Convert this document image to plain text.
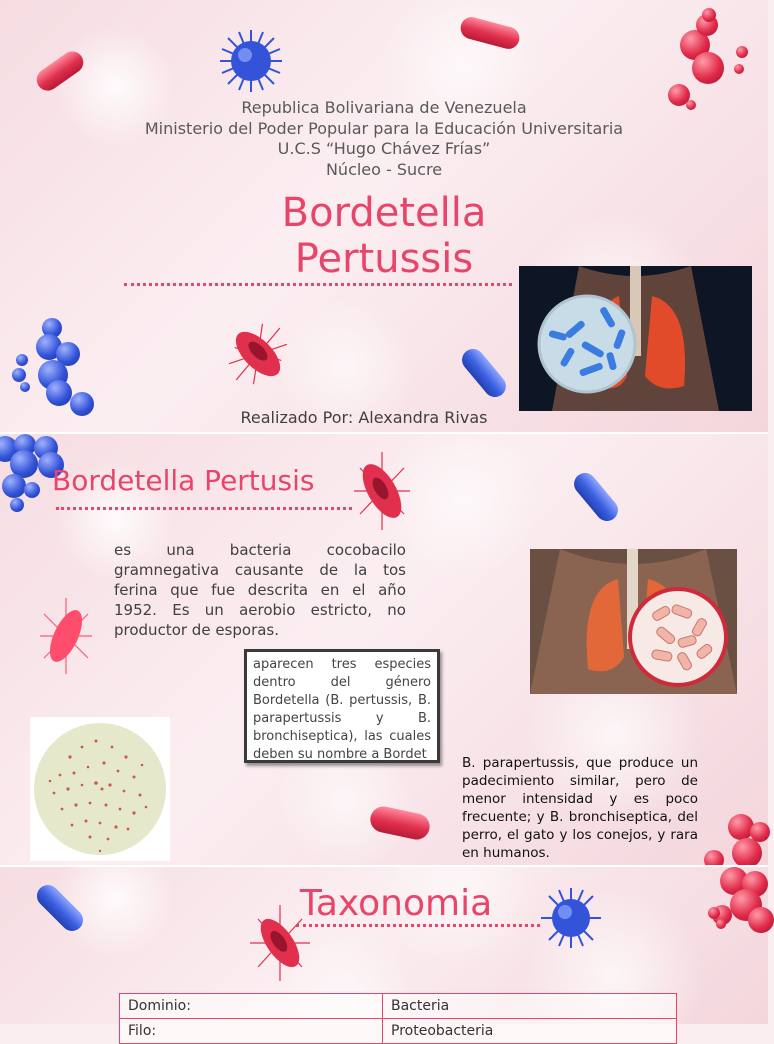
Republica Bolivariana de Venezuela
Ministerio del Poder Popular para la Educación Universitaria
U.C.S “Hugo Chávez Frías”
Núcleo - Sucre
Bordetella
Pertussis
Realizado Por: Alexandra Rivas
Bordetella Pertusis
es una bacteria cocobacilo gramnegativa causante de la tos ferina que fue descrita en el año 1952. Es un aerobio estricto, no productor de esporas.
aparecen tres especies dentro del género Bordetella (B. pertussis, B. parapertussis y B. bronchiseptica), las cuales deben su nombre a Bordet
B. parapertussis, que produce un padecimiento similar, pero de menor intensidad y es poco frecuente; y B. bronchiseptica, del perro, el gato y los conejos, y rara en humanos.
Taxonomia
Dominio:	Bacteria
Filo:	Proteobacteria
